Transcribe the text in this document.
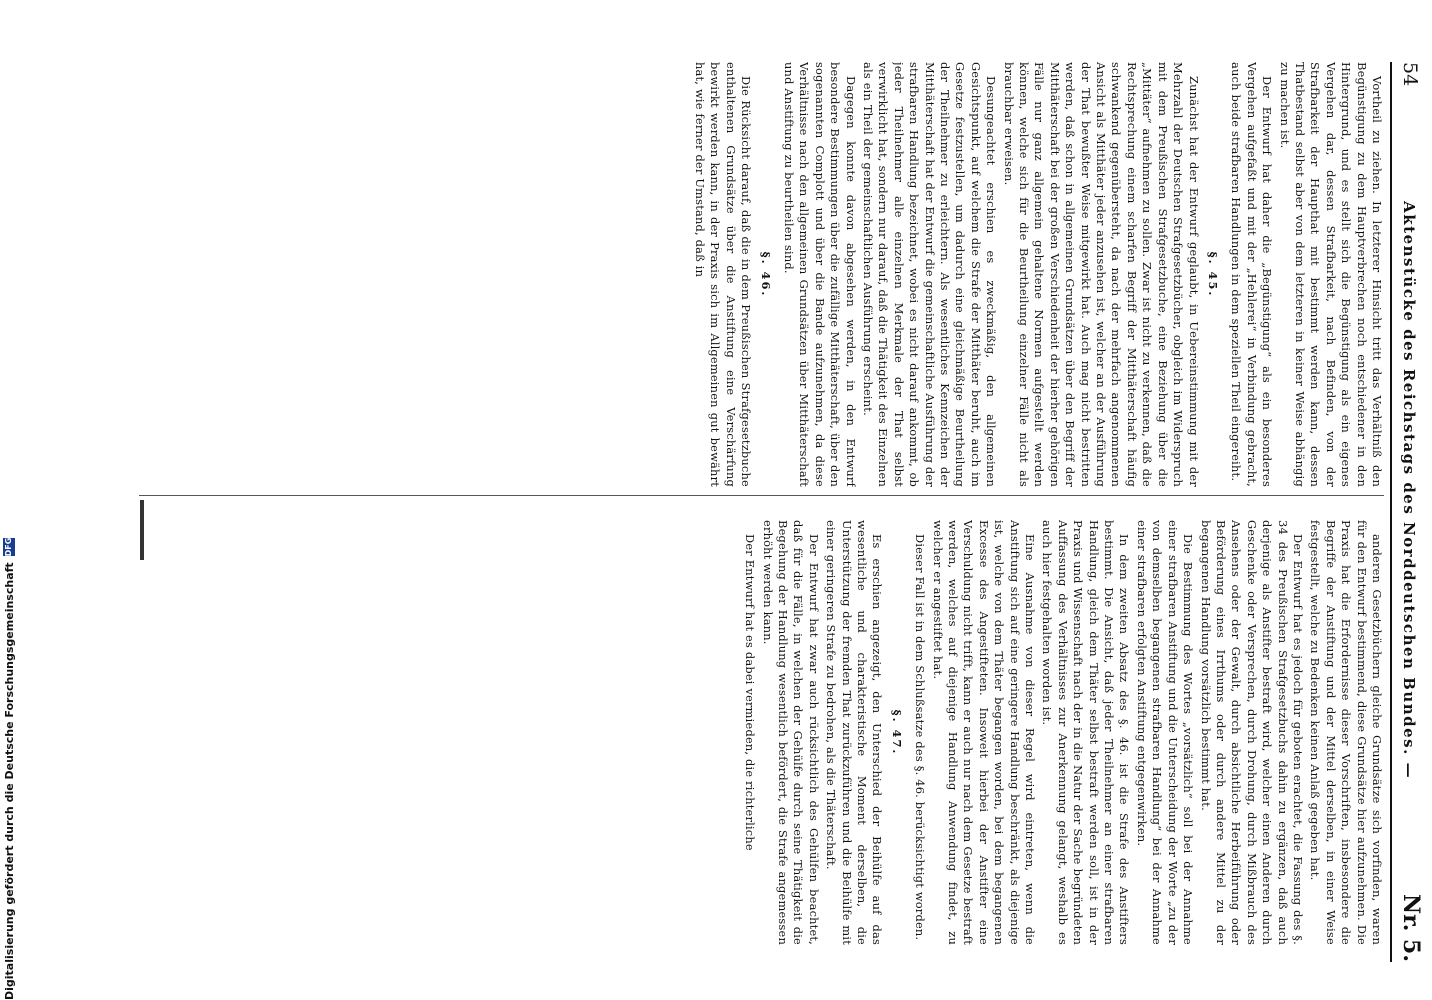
54
Aktenstücke des Reichstags des Norddeutschen Bundes. —
Nr. 5.

Vortheil zu ziehen. In letzterer Hinsicht tritt das Verhältniß den Begünstigung zu dem Hauptverbrechen noch entschiedener in den Hintergrund, und es stellt sich die Begünstigung als ein eigenes Vergehen dar, dessen Strafbarkeit, nach Befinden, von der Strafbarkeit der Haupthat mit bestimmt werden kann, dessen Thatbestand selbst aber von dem letzteren in keiner Weise abhängig zu machen ist.

Der Entwurf hat daher die „Begünstigung“ als ein besonderes Vergehen aufgefaßt und mit der „Hehlerei“ in Verbindung gebracht, auch beide strafbaren Handlungen in dem speziellen Theil eingereiht.

§. 45.

Zunächst hat der Entwurf geglaubt, in Uebereinstimmung mit der Mehrzahl der Deutschen Strafgesetzbücher, obgleich im Widerspruch mit dem Preußischen Strafgesetzbuche, eine Beziehung über die „Mittäter“ aufnehmen zu sollen. Zwar ist nicht zu verkennen, daß die Rechtsprechung einem scharfen Begriff der Mitthäterschaft häufig schwankend gegenübersteht, da nach der mehrfach angenommenen Ansicht als Mitthäter jeder anzusehen ist, welcher an der Ausführung der That bewußter Weise mitgewirkt hat. Auch mag nicht bestritten werden, daß schon in allgemeinen Grundsätzen über den Begriff der Mitthäterschaft bei der großen Verschiedenheit der hierher gehörigen Fälle nur ganz allgemein gehaltene Normen aufgestellt werden können, welche sich für die Beurtheilung einzelner Fälle nicht als brauchbar erweisen.

Desungeachtet erschien es zweckmäßig, den allgemeinen Gesichtspunkt, auf welchem die Strafe der Mitthäter beruht, auch im Gesetze festzustellen, um dadurch eine gleichmäßige Beurtheilung der Theilnehmer zu erleichtern. Als wesentliches Kennzeichen der Mitthäterschaft hat der Entwurf die gemeinschaftliche Ausführung der strafbaren Handlung bezeichnet, wobei es nicht darauf ankommt, ob jeder Theilnehmer alle einzelnen Merkmale der That selbst verwirklicht hat, sondern nur darauf, daß die Thätigkeit des Einzelnen als ein Theil der gemeinschaftlichen Ausführung erscheint.

Dagegen konnte davon abgesehen werden, in den Entwurf besondere Bestimmungen über die zufällige Mitthäterschaft, über den sogenannten Complott und über die Bande aufzunehmen, da diese Verhältnisse nach den allgemeinen Grundsätzen über Mitthäterschaft und Anstiftung zu beurtheilen sind.

§. 46.

Die Rücksicht darauf, daß die in dem Preußischen Strafgesetzbuche enthaltenen Grundsätze über die Anstiftung eine Verschärfung bewirkt werden kann, in der Praxis sich im Allgemeinen gut bewährt hat, wie ferner der Umstand, daß in

anderen Gesetzbüchern gleiche Grundsätze sich vorfinden, waren für den Entwurf bestimmend, diese Grundsätze hier aufzunehmen. Die Praxis hat die Erfordernisse dieser Vorschriften, insbesondere die Begriffe der Anstiftung und der Mittel derselben, in einer Weise festgestellt, welche zu Bedenken keinen Anlaß gegeben hat.

Der Entwurf hat es jedoch für geboten erachtet, die Fassung des §. 34 des Preußischen Strafgesetzbuchs dahin zu ergänzen, daß auch derjenige als Anstifter bestraft wird, welcher einen Anderen durch Geschenke oder Versprechen, durch Drohung, durch Mißbrauch des Ansehens oder der Gewalt, durch absichtliche Herbeiführung oder Beförderung eines Irrthums oder durch andere Mittel zu der begangenen Handlung vorsätzlich bestimmt hat.

Die Bestimmung des Wortes „vorsätzlich“ soll bei der Annahme einer strafbaren Anstiftung und die Unterscheidung der Worte „zu der von demselben begangenen strafbaren Handlung“ bei der Annahme einer strafbaren erfolgten Anstiftung entgegenwirken.

In dem zweiten Absatz des §. 46. ist die Strafe des Anstifters bestimmt. Die Ansicht, daß jeder Theilnehmer an einer strafbaren Handlung, gleich dem Thäter selbst bestraft werden soll, ist in der Praxis und Wissenschaft nach der in die Natur der Sache begründeten Auffassung des Verhältnisses zur Anerkennung gelangt, weshalb es auch hier festgehalten worden ist.

Eine Ausnahme von dieser Regel wird eintreten, wenn die Anstiftung sich auf eine geringere Handlung beschränkt, als diejenige ist, welche von dem Thäter begangen worden, bei dem begangenen Excesse des Angestifteten. Insoweit hierbei der Anstifter eine Verschuldung nicht trifft, kann er auch nur nach dem Gesetze bestraft werden, welches auf diejenige Handlung Anwendung findet, zu welcher er angestiftet hat.

Dieser Fall ist in dem Schlußsatze des §. 46. berücksichtigt worden.

§. 47.

Es erschien angezeigt, den Unterschied der Beihülfe auf das wesentliche und charakteristische Moment derselben, die Unterstützung der fremden That zurückzuführen und die Beihülfe mit einer geringeren Strafe zu bedrohen, als die Thäterschaft.

Der Entwurf hat zwar auch rücksichtlich des Gehülfen beachtet, daß für die Fälle, in welchen der Gehülfe durch seine Thätigkeit die Begehung der Handlung wesentlich befördert, die Strafe angemessen erhöht werden kann.

Der Entwurf hat es dabei vermieden, die richterliche

Digitalisierung gefördert durch die Deutsche Forschungsgemeinschaft
DFG
